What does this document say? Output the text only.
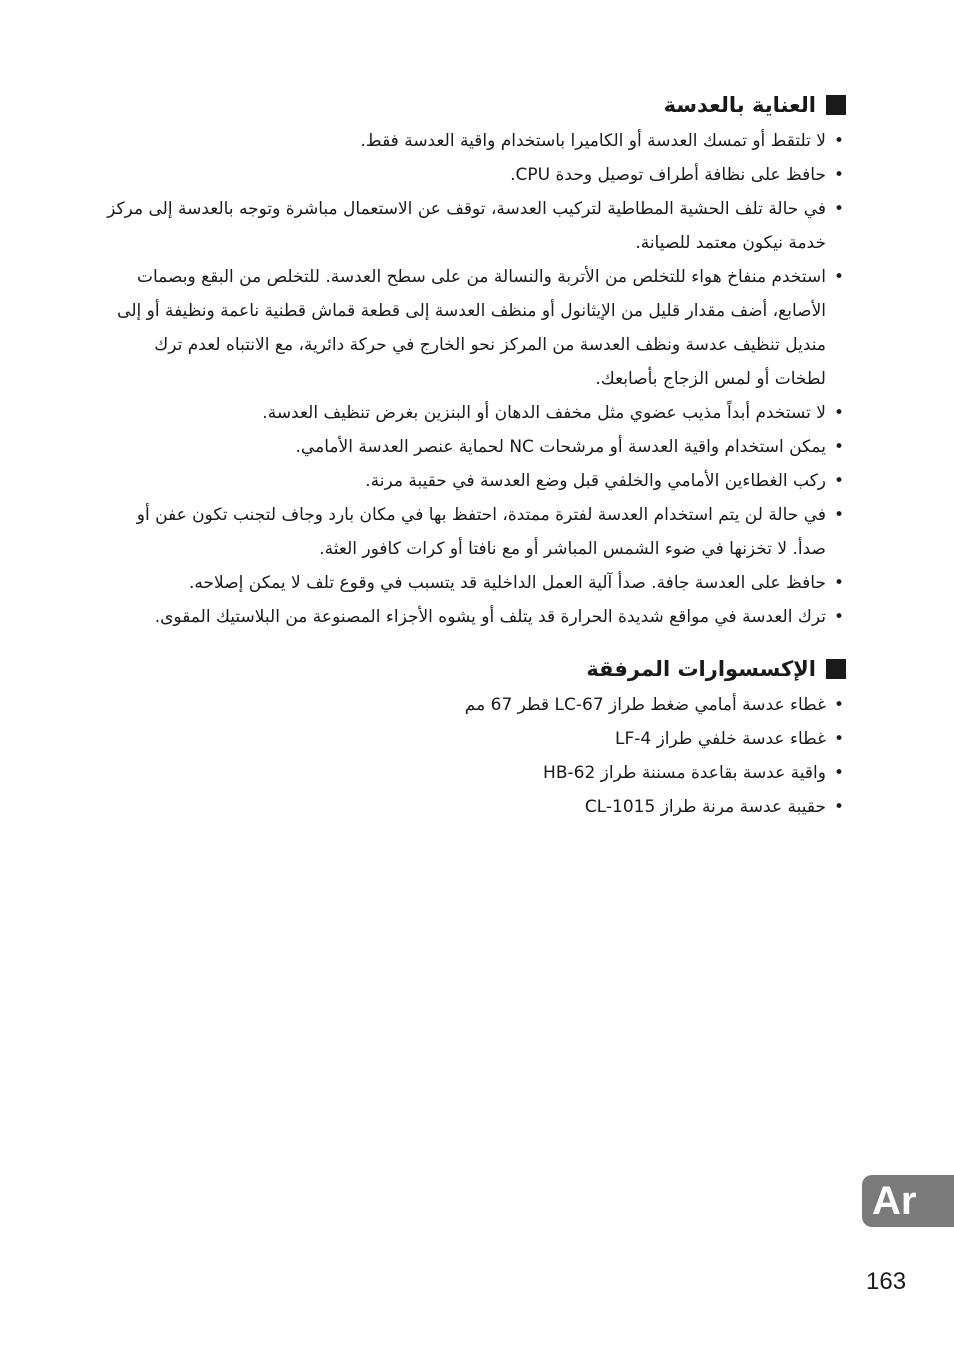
العناية بالعدسة
•
لا تلتقط أو تمسك العدسة أو الكاميرا باستخدام واقية العدسة فقط.
•
حافظ على نظافة أطراف توصيل وحدة CPU.
•
في حالة تلف الحشية المطاطية لتركيب العدسة، توقف عن الاستعمال مباشرة وتوجه بالعدسة إلى مركز خدمة نيكون معتمد للصيانة.
•
استخدم منفاخ هواء للتخلص من الأتربة والنسالة من على سطح العدسة. للتخلص من البقع وبصمات الأصابع، أضف مقدار قليل من الإيثانول أو منظف العدسة إلى قطعة قماش قطنية ناعمة ونظيفة أو إلى منديل تنظيف عدسة ونظف العدسة من المركز نحو الخارج في حركة دائرية، مع الانتباه لعدم ترك لطخات أو لمس الزجاج بأصابعك.
•
لا تستخدم أبداً مذيب عضوي مثل مخفف الدهان أو البنزين بغرض تنظيف العدسة.
•
يمكن استخدام واقية العدسة أو مرشحات NC لحماية عنصر العدسة الأمامي.
•
ركب الغطاءين الأمامي والخلفي قبل وضع العدسة في حقيبة مرنة.
•
في حالة لن يتم استخدام العدسة لفترة ممتدة، احتفظ بها في مكان بارد وجاف لتجنب تكون عفن أو صدأ. لا تخزنها في ضوء الشمس المباشر أو مع نافتا أو كرات كافور العثة.
•
حافظ على العدسة جافة. صدأ آلية العمل الداخلية قد يتسبب في وقوع تلف لا يمكن إصلاحه.
•
ترك العدسة في مواقع شديدة الحرارة قد يتلف أو يشوه الأجزاء المصنوعة من البلاستيك المقوى.
الإكسسوارات المرفقة
•
غطاء عدسة أمامي ضغط طراز LC-67 قطر 67 مم
•
غطاء عدسة خلفي طراز LF-4
•
واقية عدسة بقاعدة مسننة طراز HB-62
•
حقيبة عدسة مرنة طراز CL-1015
Ar
163
